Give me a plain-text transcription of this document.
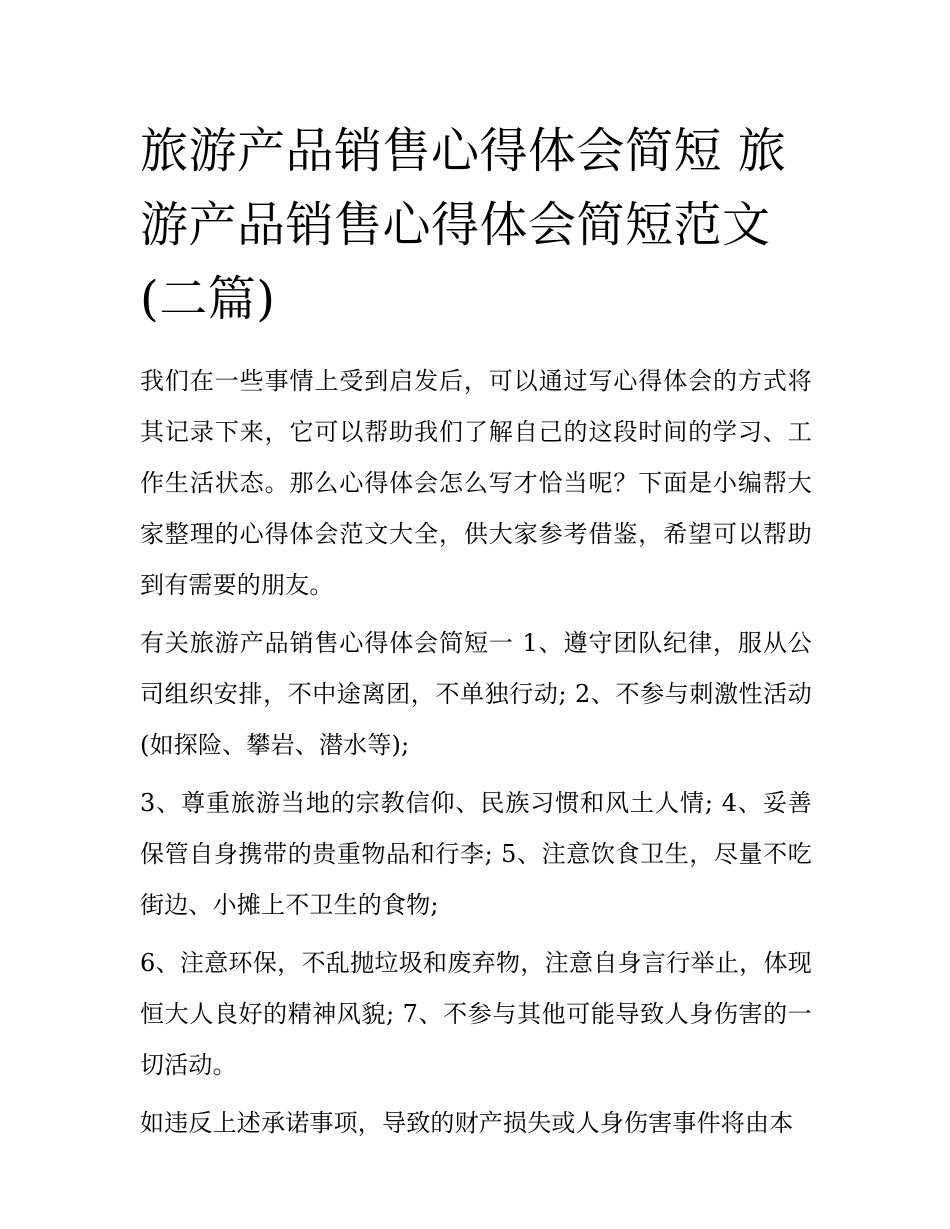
旅游产品销售心得体会简短 旅游产品销售心得体会简短范文(二篇)

我们在一些事情上受到启发后，可以通过写心得体会的方式将其记录下来，它可以帮助我们了解自己的这段时间的学习、工作生活状态。那么心得体会怎么写才恰当呢？下面是小编帮大家整理的心得体会范文大全，供大家参考借鉴，希望可以帮助到有需要的朋友。

有关旅游产品销售心得体会简短一 1、遵守团队纪律，服从公司组织安排，不中途离团，不单独行动; 2、不参与刺激性活动(如探险、攀岩、潜水等);

3、尊重旅游当地的宗教信仰、民族习惯和风土人情; 4、妥善保管自身携带的贵重物品和行李; 5、注意饮食卫生，尽量不吃街边、小摊上不卫生的食物;

6、注意环保，不乱抛垃圾和废弃物，注意自身言行举止，体现恒大人良好的精神风貌; 7、不参与其他可能导致人身伤害的一切活动。

如违反上述承诺事项，导致的财产损失或人身伤害事件将由本
